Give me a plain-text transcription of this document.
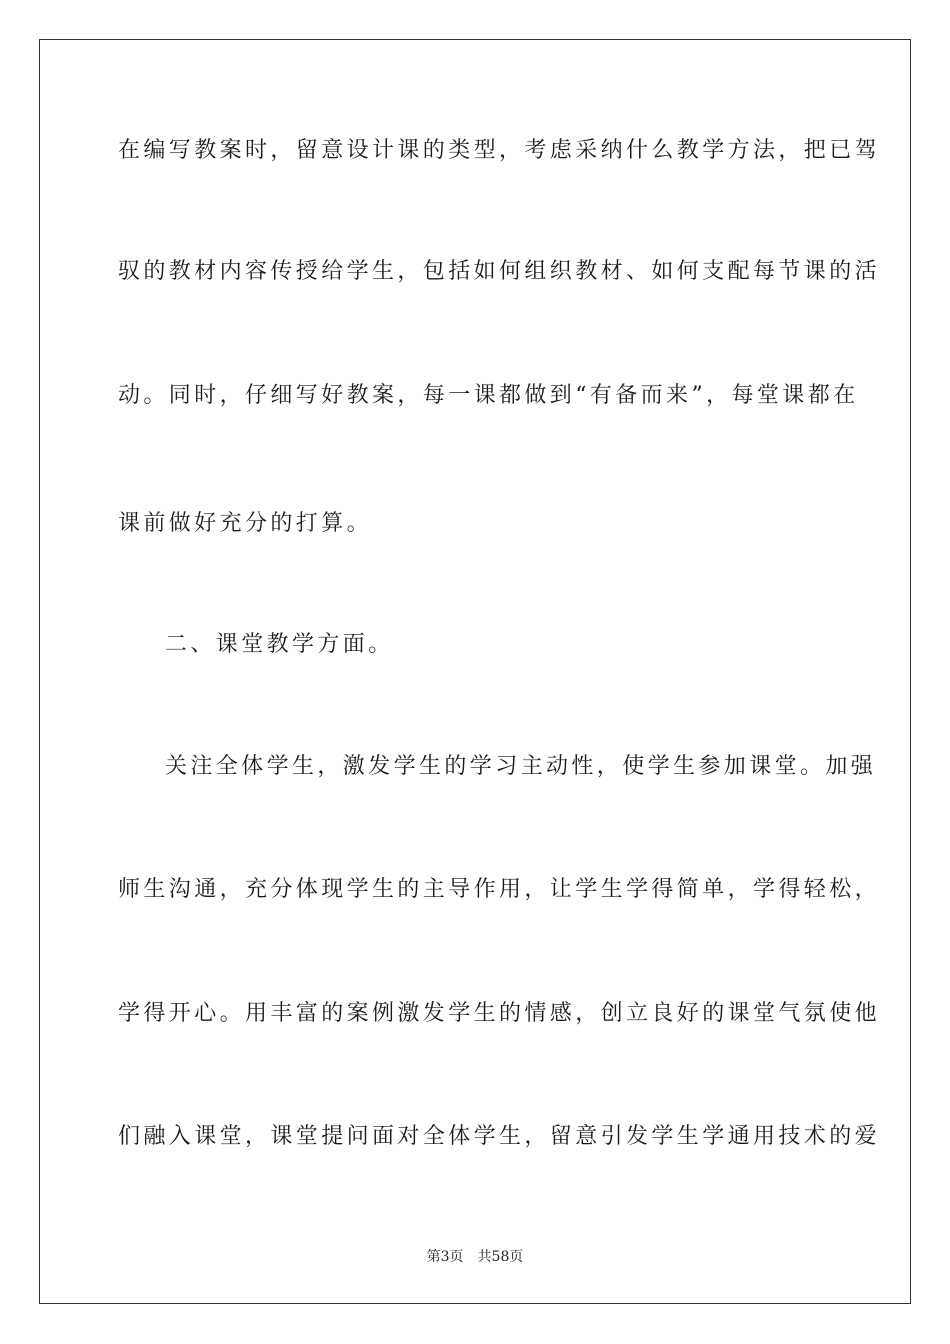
在编写教案时，留意设计课的类型，考虑采纳什么教学方法，把已驾
驭的教材内容传授给学生，包括如何组织教材、如何支配每节课的活
动。同时，仔细写好教案，每一课都做到“有备而来”，每堂课都在
课前做好充分的打算。
二、课堂教学方面。
关注全体学生，激发学生的学习主动性，使学生参加课堂。加强
师生沟通，充分体现学生的主导作用，让学生学得简单，学得轻松，
学得开心。用丰富的案例激发学生的情感，创立良好的课堂气氛使他
们融入课堂，课堂提问面对全体学生，留意引发学生学通用技术的爱
第3页 共58页
